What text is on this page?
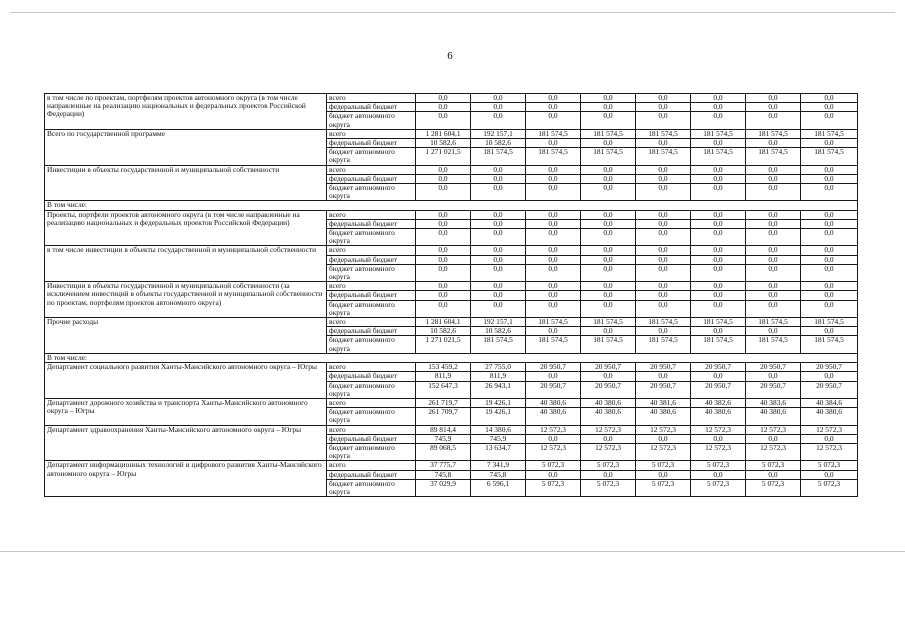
6
в том числе по проектам, портфелям проектов автономного округа (в том числе направленные на реализацию национальных и федеральных проектов Российской Федерации)	всего	0,0	0,0	0,0	0,0	0,0	0,0	0,0	0,0
	федеральный бюджет	0,0	0,0	0,0	0,0	0,0	0,0	0,0	0,0
	бюджет автономного округа	0,0	0,0	0,0	0,0	0,0	0,0	0,0	0,0
Всего по государственной программе	всего	1 281 604,1	192 157,1	181 574,5	181 574,5	181 574,5	181 574,5	181 574,5	181 574,5
	федеральный бюджет	10 582,6	10 582,6	0,0	0,0	0,0	0,0	0,0	0,0
	бюджет автономного округа	1 271 021,5	181 574,5	181 574,5	181 574,5	181 574,5	181 574,5	181 574,5	181 574,5
Инвестиции в объекты государственной и муниципальной собственности	всего	0,0	0,0	0,0	0,0	0,0	0,0	0,0	0,0
	федеральный бюджет	0,0	0,0	0,0	0,0	0,0	0,0	0,0	0,0
	бюджет автономного округа	0,0	0,0	0,0	0,0	0,0	0,0	0,0	0,0
В том числе:									
Проекты, портфели проектов автономного округа (в том числе направленные на реализацию национальных и федеральных проектов Российской Федерации)	всего	0,0	0,0	0,0	0,0	0,0	0,0	0,0	0,0
	федеральный бюджет	0,0	0,0	0,0	0,0	0,0	0,0	0,0	0,0
	бюджет автономного округа	0,0	0,0	0,0	0,0	0,0	0,0	0,0	0,0
в том числе инвестиции в объекты государственной и муниципальной собственности	всего	0,0	0,0	0,0	0,0	0,0	0,0	0,0	0,0
	федеральный бюджет	0,0	0,0	0,0	0,0	0,0	0,0	0,0	0,0
	бюджет автономного округа	0,0	0,0	0,0	0,0	0,0	0,0	0,0	0,0
Инвестиции в объекты государственной и муниципальной собственности (за исключением инвестиций в объекты государственной и муниципальной собственности по проектам, портфелям проектов автономного округа)	всего	0,0	0,0	0,0	0,0	0,0	0,0	0,0	0,0
	федеральный бюджет	0,0	0,0	0,0	0,0	0,0	0,0	0,0	0,0
	бюджет автономного округа	0,0	0,0	0,0	0,0	0,0	0,0	0,0	0,0
Прочие расходы	всего	1 281 604,1	192 157,1	181 574,5	181 574,5	181 574,5	181 574,5	181 574,5	181 574,5
	федеральный бюджет	10 582,6	10 582,6	0,0	0,0	0,0	0,0	0,0	0,0
	бюджет автономного округа	1 271 021,5	181 574,5	181 574,5	181 574,5	181 574,5	181 574,5	181 574,5	181 574,5
В том числе:									
Департамент социального развития Ханты-Мансийского автономного округа – Югры	всего	153 459,2	27 755,0	20 950,7	20 950,7	20 950,7	20 950,7	20 950,7	20 950,7
	федеральный бюджет	811,9	811,9	0,0	0,0	0,0	0,0	0,0	0,0
	бюджет автономного округа	152 647,3	26 943,1	20 950,7	20 950,7	20 950,7	20 950,7	20 950,7	20 950,7
Департамент дорожного хозяйства и транспорта Ханты-Мансийского автономного округа – Югры	всего	261 719,7	19 426,1	40 380,6	40 380,6	40 381,6	40 382,6	40 383,6	40 384,6
	бюджет автономного округа	261 709,7	19 426,1	40 380,6	40 380,6	40 380,6	40 380,6	40 380,6	40 380,6
Департамент здравоохранения Ханты-Мансийского автономного округа – Югры	всего	89 814,4	14 380,6	12 572,3	12 572,3	12 572,3	12 572,3	12 572,3	12 572,3
	федеральный бюджет	745,9	745,9	0,0	0,0	0,0	0,0	0,0	0,0
	бюджет автономного округа	89 068,5	13 634,7	12 572,3	12 572,3	12 572,3	12 572,3	12 572,3	12 572,3
Департамент информационных технологий и цифрового развития Ханты-Мансийского автономного округа – Югры	всего	37 775,7	7 341,9	5 072,3	5 072,3	5 072,3	5 072,3	5 072,3	5 072,3
	федеральный бюджет	745,8	745,8	0,0	0,0	0,0	0,0	0,0	0,0
	бюджет автономного округа	37 029,9	6 596,1	5 072,3	5 072,3	5 072,3	5 072,3	5 072,3	5 072,3
